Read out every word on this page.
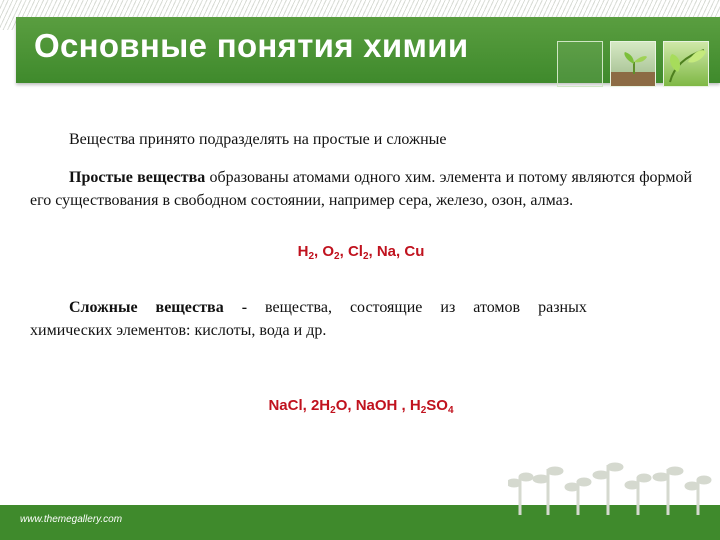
Основные понятия химии

Вещества принято подразделять на простые и сложные

Простые вещества образованы атомами одного хим. элемента и потому являются формой его существования в свободном состоянии, например сера, железо, озон, алмаз.

$H_2$, $O_2$, $Cl_2$, Na, Cu

Сложные вещества - вещества, состоящие из атомов разных
химических элементов: кислоты, вода и др.

NaCl, $2H_2O$, NaOH , $H_2SO_4$
www.themegallery.com
